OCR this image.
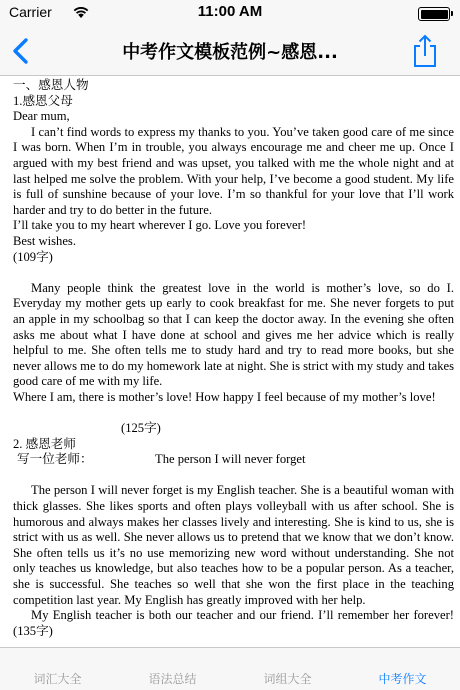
Carrier	11:00 AM
中考作文模板范例~感恩...

一、感恩人物

1.感恩父母

Dear mum,

I can’t find words to express my thanks to you. You’ve taken good care of me since I was born. When I’m in trouble, you always encourage me and cheer me up. Once I argued with my best friend and was upset, you talked with me the whole night and at last helped me solve the problem. With your help, I’ve become a good student. My life is full of sunshine because of your love. I’m so thankful for your love that I’ll work harder and try to do better in the future.

I’ll take you to my heart wherever I go. Love you forever!

Best wishes.

(109字)

Many people think the greatest love in the world is mother’s love, so do I. Everyday my mother gets up early to cook breakfast for me. She never forgets to put an apple in my schoolbag so that I can keep the doctor away. In the evening she often asks me about what I have done at school and gives me her advice which is really helpful to me. She often tells me to study hard and try to read more books, but she never allows me to do my homework late at night. She is strict with my study and takes good care of me with my life.

Where I am, there is mother’s love! How happy I feel because of my mother’s love!

(125字)

2. 感恩老师

写一位老师：	The person I will never forget

The person I will never forget is my English teacher. She is a beautiful woman with thick glasses. She likes sports and often plays volleyball with us after school. She is humorous and always makes her classes lively and interesting. She is kind to us, she is strict with us as well. She never allows us to pretend that we know that we don’t know. She often tells us it’s no use memorizing new word without understanding. She not only teaches us knowledge, but also teaches how to be a popular person. As a teacher, she is successful. She teaches so well that she won the first place in the teaching competition last year. My English has greatly improved with her help.

My English teacher is both our teacher and our friend. I’ll remember her forever! (135字)

词汇大全	语法总结	词组大全	中考作文
